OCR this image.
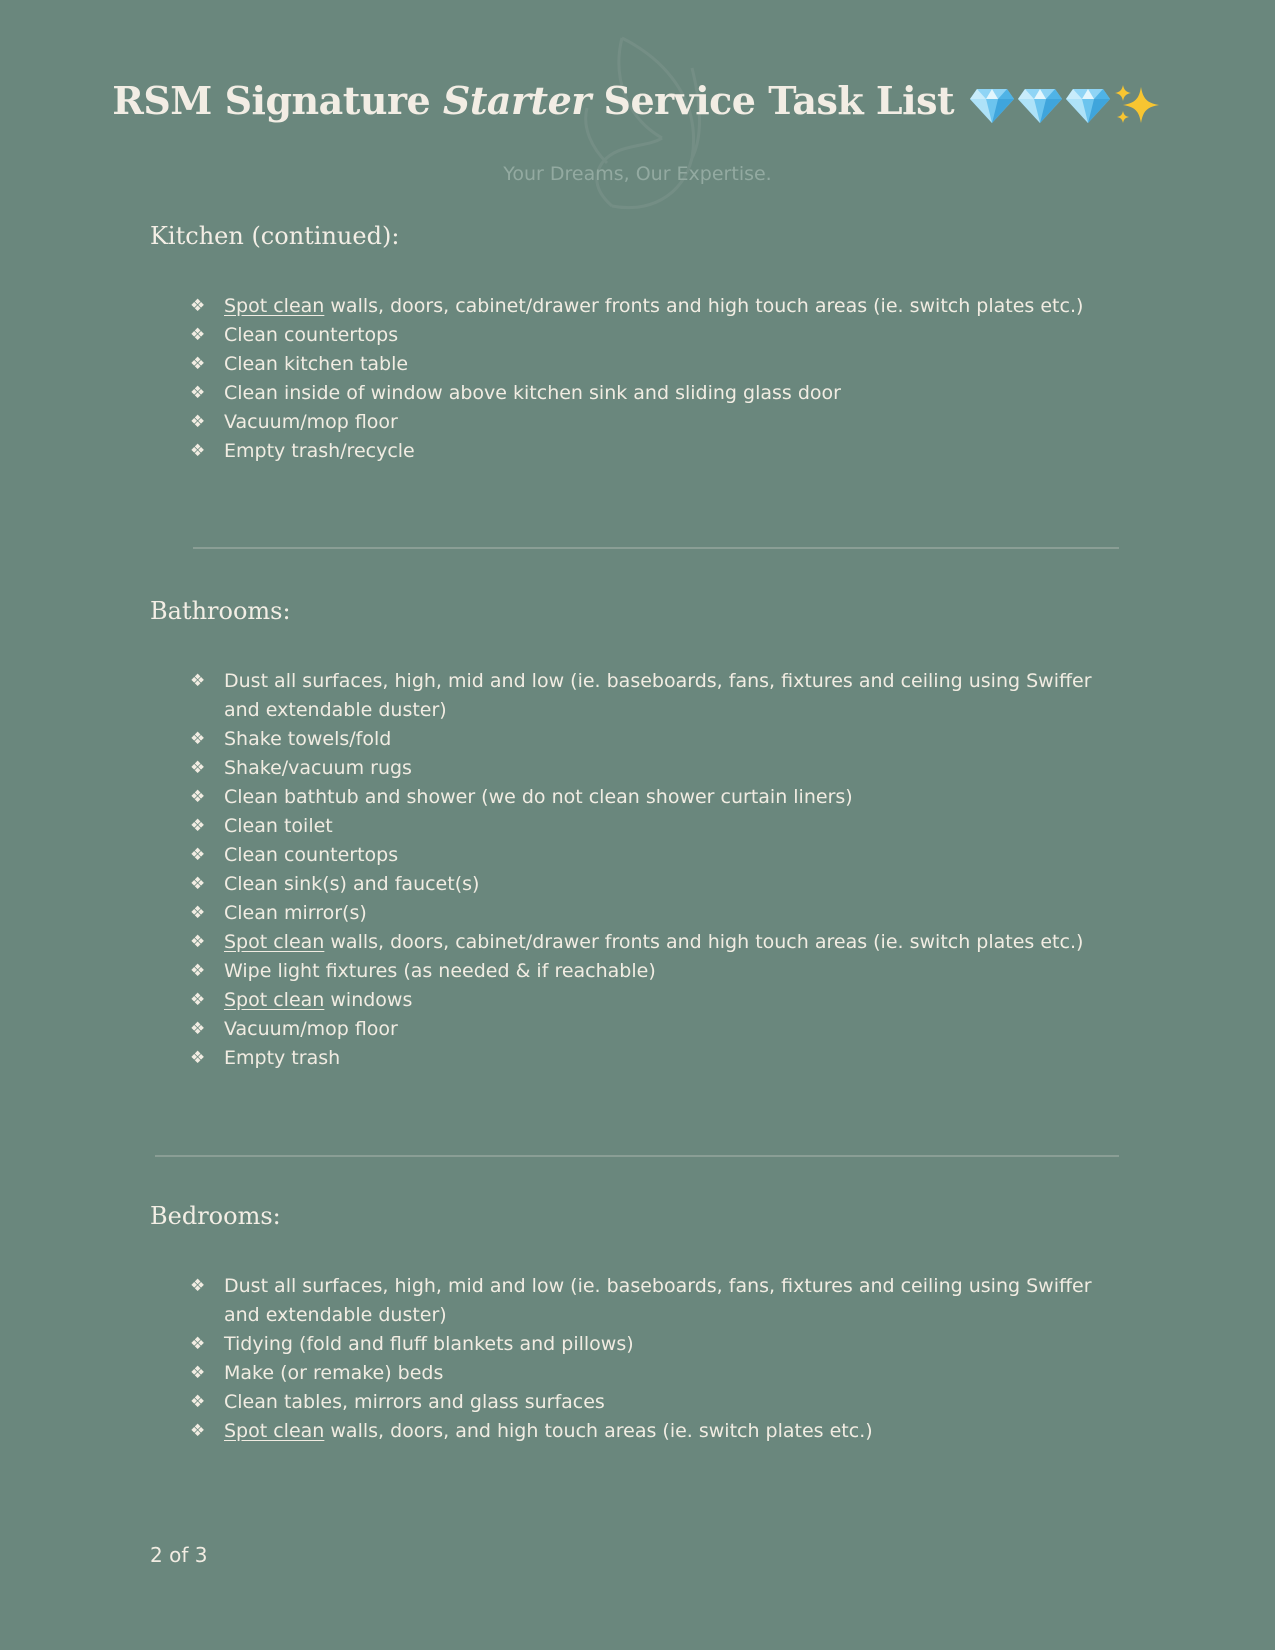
RSM Signature Starter Service Task List
Your Dreams, Our Expertise.
Kitchen (continued):
❖ Spot clean walls, doors, cabinet/drawer fronts and high touch areas (ie. switch plates etc.)
❖ Clean countertops
❖ Clean kitchen table
❖ Clean inside of window above kitchen sink and sliding glass door
❖ Vacuum/mop floor
❖ Empty trash/recycle
Bathrooms:
❖ Dust all surfaces, high, mid and low (ie. baseboards, fans, fixtures and ceiling using Swiffer and extendable duster)
❖ Shake towels/fold
❖ Shake/vacuum rugs
❖ Clean bathtub and shower (we do not clean shower curtain liners)
❖ Clean toilet
❖ Clean countertops
❖ Clean sink(s) and faucet(s)
❖ Clean mirror(s)
❖ Spot clean walls, doors, cabinet/drawer fronts and high touch areas (ie. switch plates etc.)
❖ Wipe light fixtures (as needed & if reachable)
❖ Spot clean windows
❖ Vacuum/mop floor
❖ Empty trash
Bedrooms:
❖ Dust all surfaces, high, mid and low (ie. baseboards, fans, fixtures and ceiling using Swiffer and extendable duster)
❖ Tidying (fold and fluff blankets and pillows)
❖ Make (or remake) beds
❖ Clean tables, mirrors and glass surfaces
❖ Spot clean walls, doors, and high touch areas (ie. switch plates etc.)
2 of 3
